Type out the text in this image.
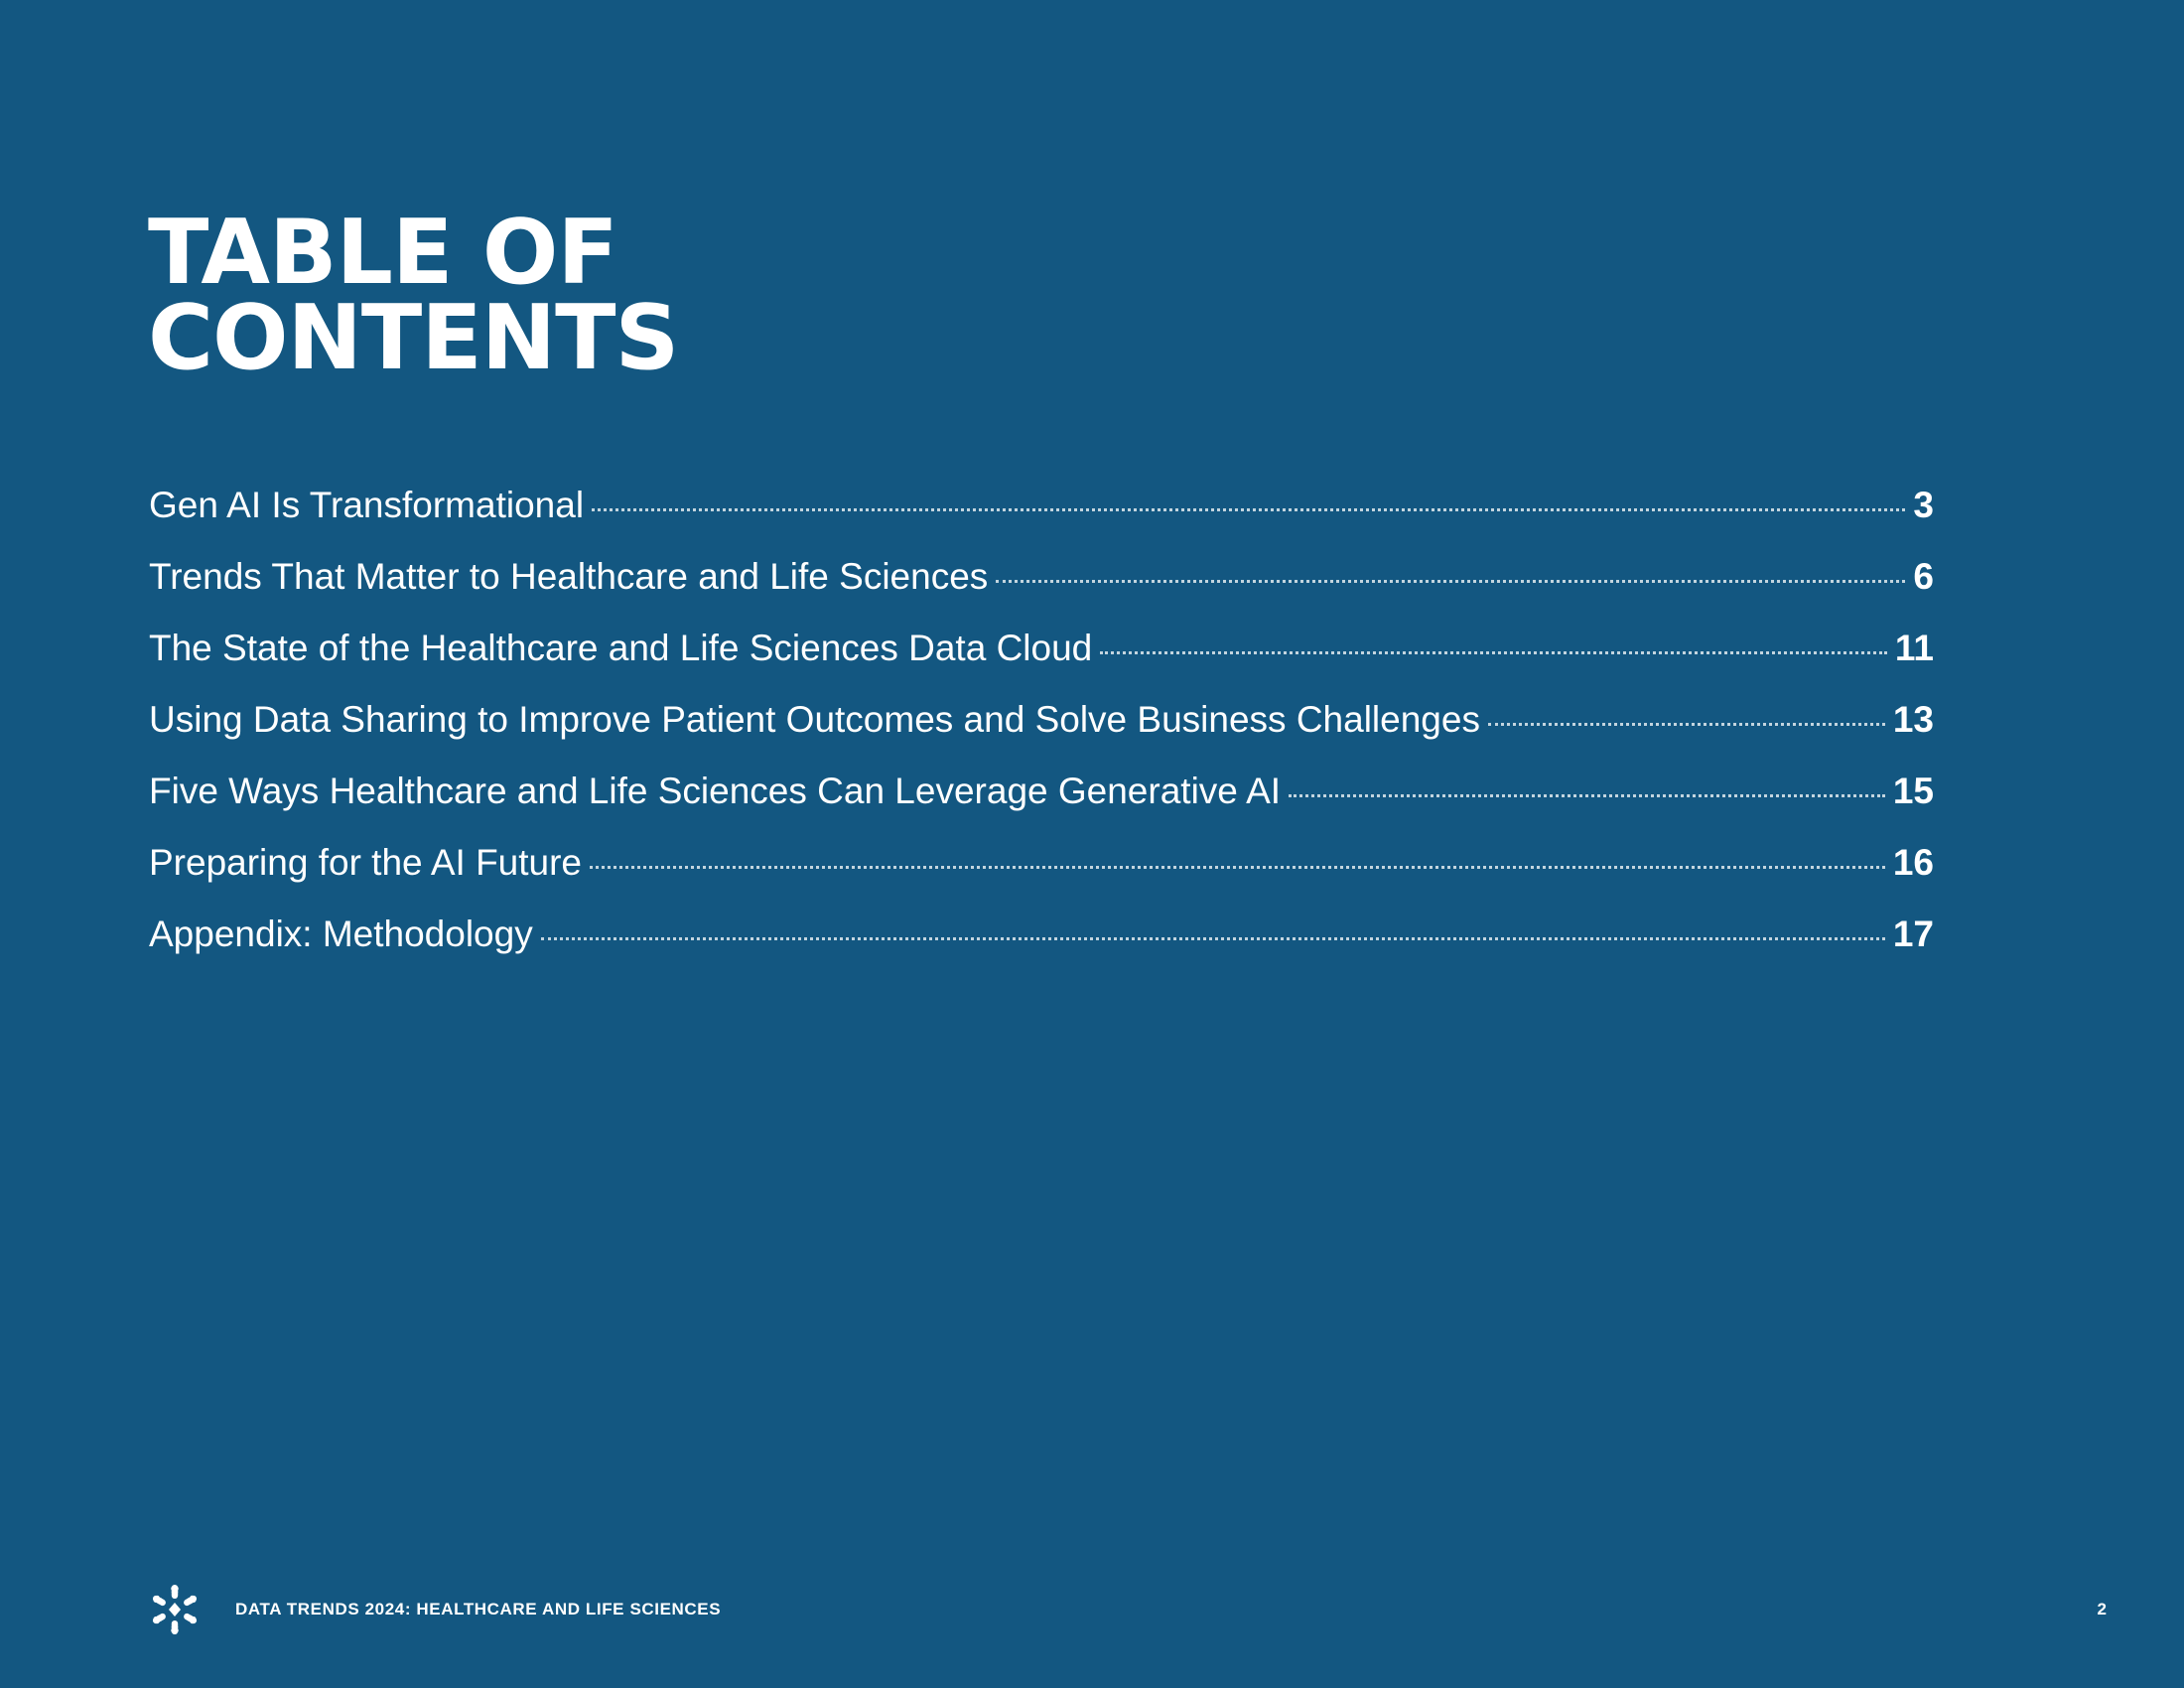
TABLE OF
CONTENTS
Gen AI Is Transformational	3
Trends That Matter to Healthcare and Life Sciences	6
The State of the Healthcare and Life Sciences Data Cloud	11
Using Data Sharing to Improve Patient Outcomes and Solve Business Challenges	13
Five Ways Healthcare and Life Sciences Can Leverage Generative AI	15
Preparing for the AI Future	16
Appendix: Methodology	17
DATA TRENDS 2024: HEALTHCARE AND LIFE SCIENCES	2
